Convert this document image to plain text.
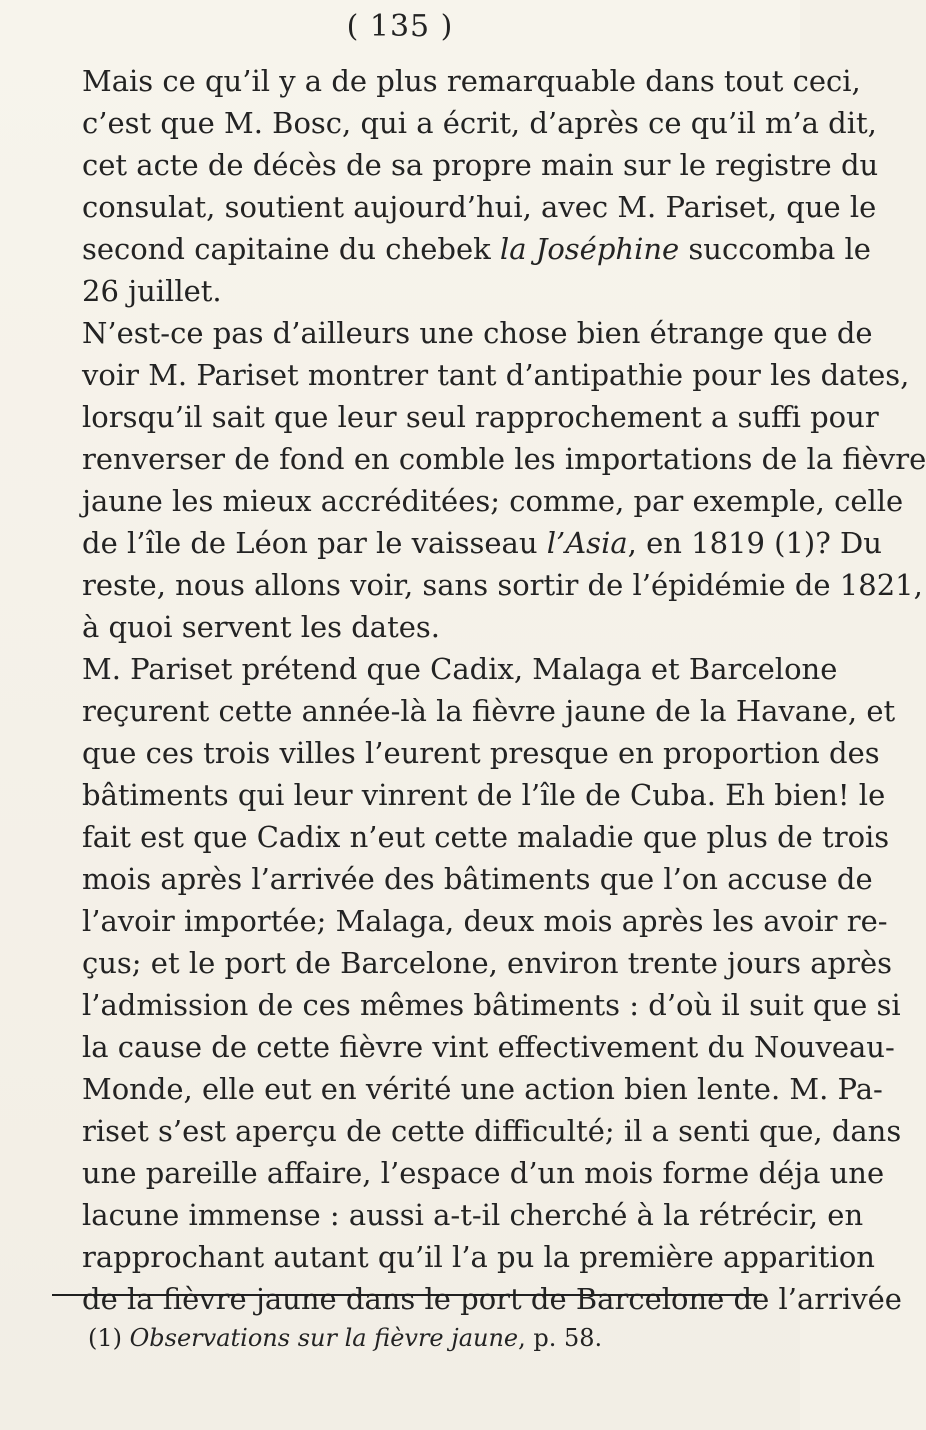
( 135 )

Mais ce qu’il y a de plus remarquable dans tout ceci,
c’est que M. Bosc, qui a écrit, d’après ce qu’il m’a dit,
cet acte de décès de sa propre main sur le registre du
consulat, soutient aujourd’hui, avec M. Pariset, que le
second capitaine du chebek la Joséphine succomba le
26 juillet.

N’est-ce pas d’ailleurs une chose bien étrange que de
voir M. Pariset montrer tant d’antipathie pour les dates,
lorsqu’il sait que leur seul rapprochement a suffi pour
renverser de fond en comble les importations de la fièvre
jaune les mieux accréditées; comme, par exemple, celle
de l’île de Léon par le vaisseau l’Asia, en 1819 (1)? Du
reste, nous allons voir, sans sortir de l’épidémie de 1821,
à quoi servent les dates.

M. Pariset prétend que Cadix, Malaga et Barcelone
reçurent cette année-là la fièvre jaune de la Havane, et
que ces trois villes l’eurent presque en proportion des
bâtiments qui leur vinrent de l’île de Cuba. Eh bien! le
fait est que Cadix n’eut cette maladie que plus de trois
mois après l’arrivée des bâtiments que l’on accuse de
l’avoir importée; Malaga, deux mois après les avoir re-
çus; et le port de Barcelone, environ trente jours après
l’admission de ces mêmes bâtiments : d’où il suit que si
la cause de cette fièvre vint effectivement du Nouveau-
Monde, elle eut en vérité une action bien lente. M. Pa-
riset s’est aperçu de cette difficulté; il a senti que, dans
une pareille affaire, l’espace d’un mois forme déja une
lacune immense : aussi a-t-il cherché à la rétrécir, en
rapprochant autant qu’il l’a pu la première apparition
de la fièvre jaune dans le port de Barcelone de l’arrivée

(1) Observations sur la fièvre jaune, p. 58.
